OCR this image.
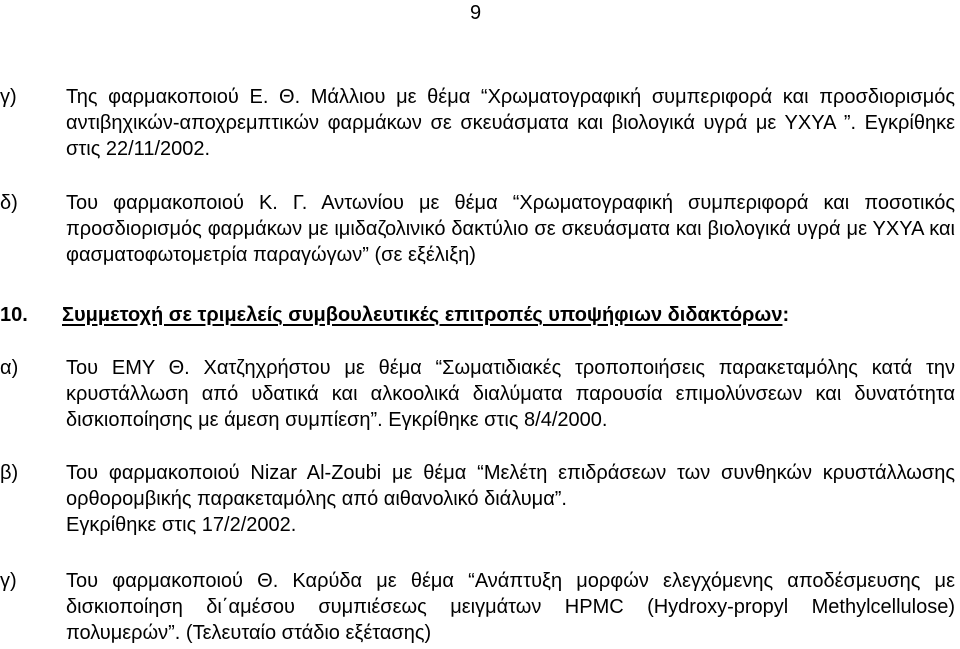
9
γ) Της φαρμακοποιού Ε. Θ. Μάλλιου με θέμα “Χρωματογραφική συμπεριφορά και προσδιορισμός αντιβηχικών-αποχρεμπτικών φαρμάκων σε σκευάσματα και βιολογικά υγρά με ΥΧΥΑ ”. Εγκρίθηκε στις 22/11/2002.
δ) Του φαρμακοποιού Κ. Γ. Αντωνίου με θέμα “Χρωματογραφική συμπεριφορά και ποσοτικός προσδιορισμός φαρμάκων με ιμιδαζολινικό δακτύλιο σε σκευάσματα και βιολογικά υγρά με ΥΧΥΑ και φασματοφωτομετρία παραγώγων” (σε εξέλιξη)
10. Συμμετοχή σε τριμελείς συμβουλευτικές επιτροπές υποψήφιων διδακτόρων:
α) Του ΕΜΥ Θ. Χατζηχρήστου με θέμα “Σωματιδιακές τροποποιήσεις παρακεταμόλης κατά την κρυστάλλωση από υδατικά και αλκοολικά διαλύματα παρουσία επιμολύνσεων και δυνατότητα δισκιοποίησης με άμεση συμπίεση”. Εγκρίθηκε στις 8/4/2000.
β) Του φαρμακοποιού Nizar Al-Zoubi με θέμα “Μελέτη επιδράσεων των συνθηκών κρυστάλλωσης ορθορομβικής παρακεταμόλης από αιθανολικό διάλυμα”.
Εγκρίθηκε στις 17/2/2002.
γ) Του φαρμακοποιού Θ. Καρύδα με θέμα “Ανάπτυξη μορφών ελεγχόμενης αποδέσμευσης με δισκιοποίηση δι΄αμέσου συμπιέσεως μειγμάτων HPMC (Hydroxy-propyl Methylcellulose) πολυμερών”. (Τελευταίο στάδιο εξέτασης)
